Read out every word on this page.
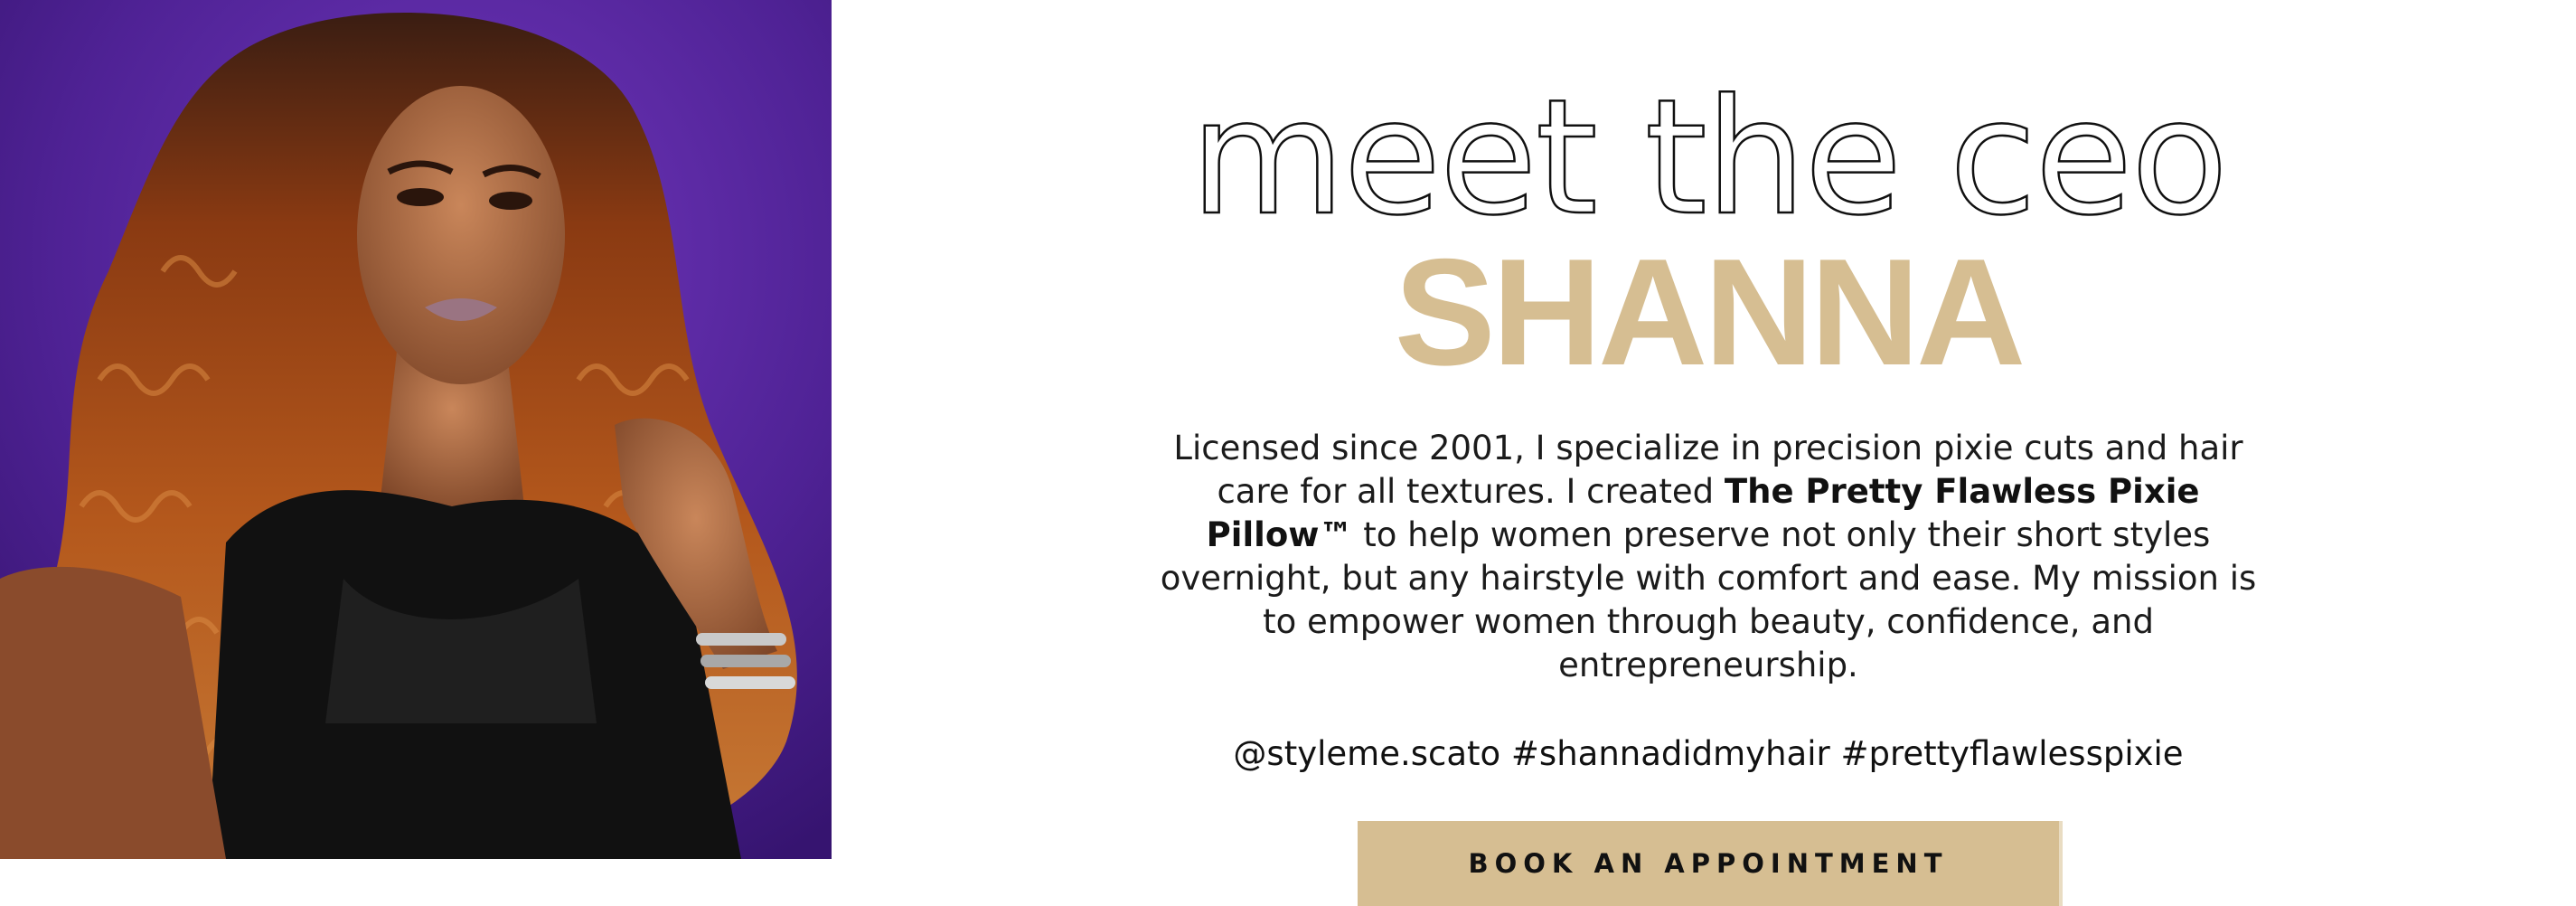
meet the ceo
SHANNA

Licensed since 2001, I specialize in precision pixie cuts and hair care for all textures. I created The Pretty Flawless Pixie Pillow™ to help women preserve not only their short styles overnight, but any hairstyle with comfort and ease. My mission is to empower women through beauty, confidence, and entrepreneurship.

@styleme.scato #shannadidmyhair #prettyflawlesspixie
BOOK AN APPOINTMENT
